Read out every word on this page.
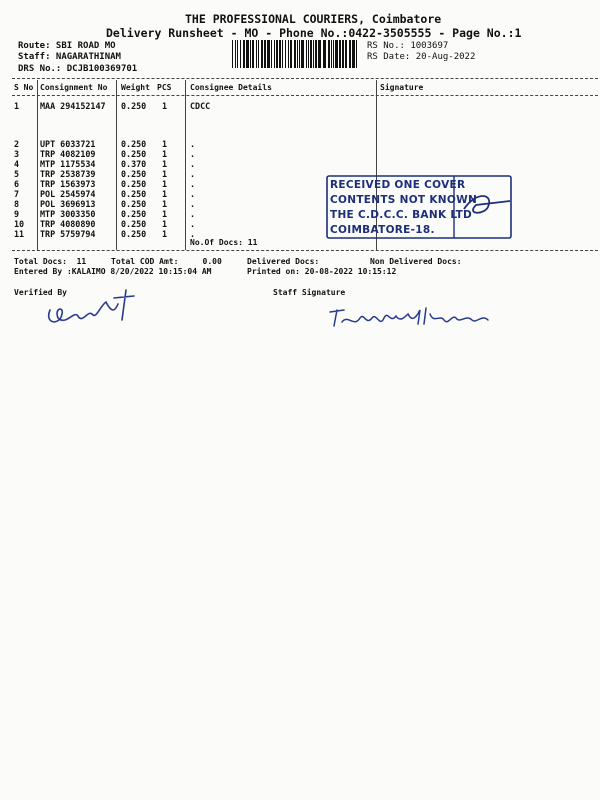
THE PROFESSIONAL COURIERS, Coimbatore
Delivery Runsheet - MO - Phone No.:0422-3505555 - Page No.:1
Route: SBI ROAD MO
Staff: NAGARATHINAM
DRS No.: DCJB100369701
RS No.: 1003697
RS Date: 20-Aug-2022
S No Consignment No Weight PCS Consignee Details	Signature
1 MAA 294152147 0.250 1	CDCC
2 UPT 6033721	0.250 1	.
3 TRP 4082109	0.250 1	.
4 MTP 1175534	0.370 1	.
5 TRP 2538739	0.250 1	.
6 TRP 1563973	0.250 1	.
7 POL 2545974	0.250 1	.
8 POL 3696913	0.250 1	.
9 MTP 3003350	0.250 1	.
10 TRP 4080890	0.250 1	.
11 TRP 5759794	0.250 1	.
No.Of Docs: 11
RECEIVED ONE COVER
CONTENTS NOT KNOWN
THE C.D.C.C. BANK LTD
COIMBATORE-18.
Total Docs:  11	Total COD Amt:     0.00	Delivered Docs:	Non Delivered Docs:
Entered By :KALAIMO 8/20/2022 10:15:04 AM	Printed on: 20-08-2022 10:15:12
Verified By	Staff Signature
